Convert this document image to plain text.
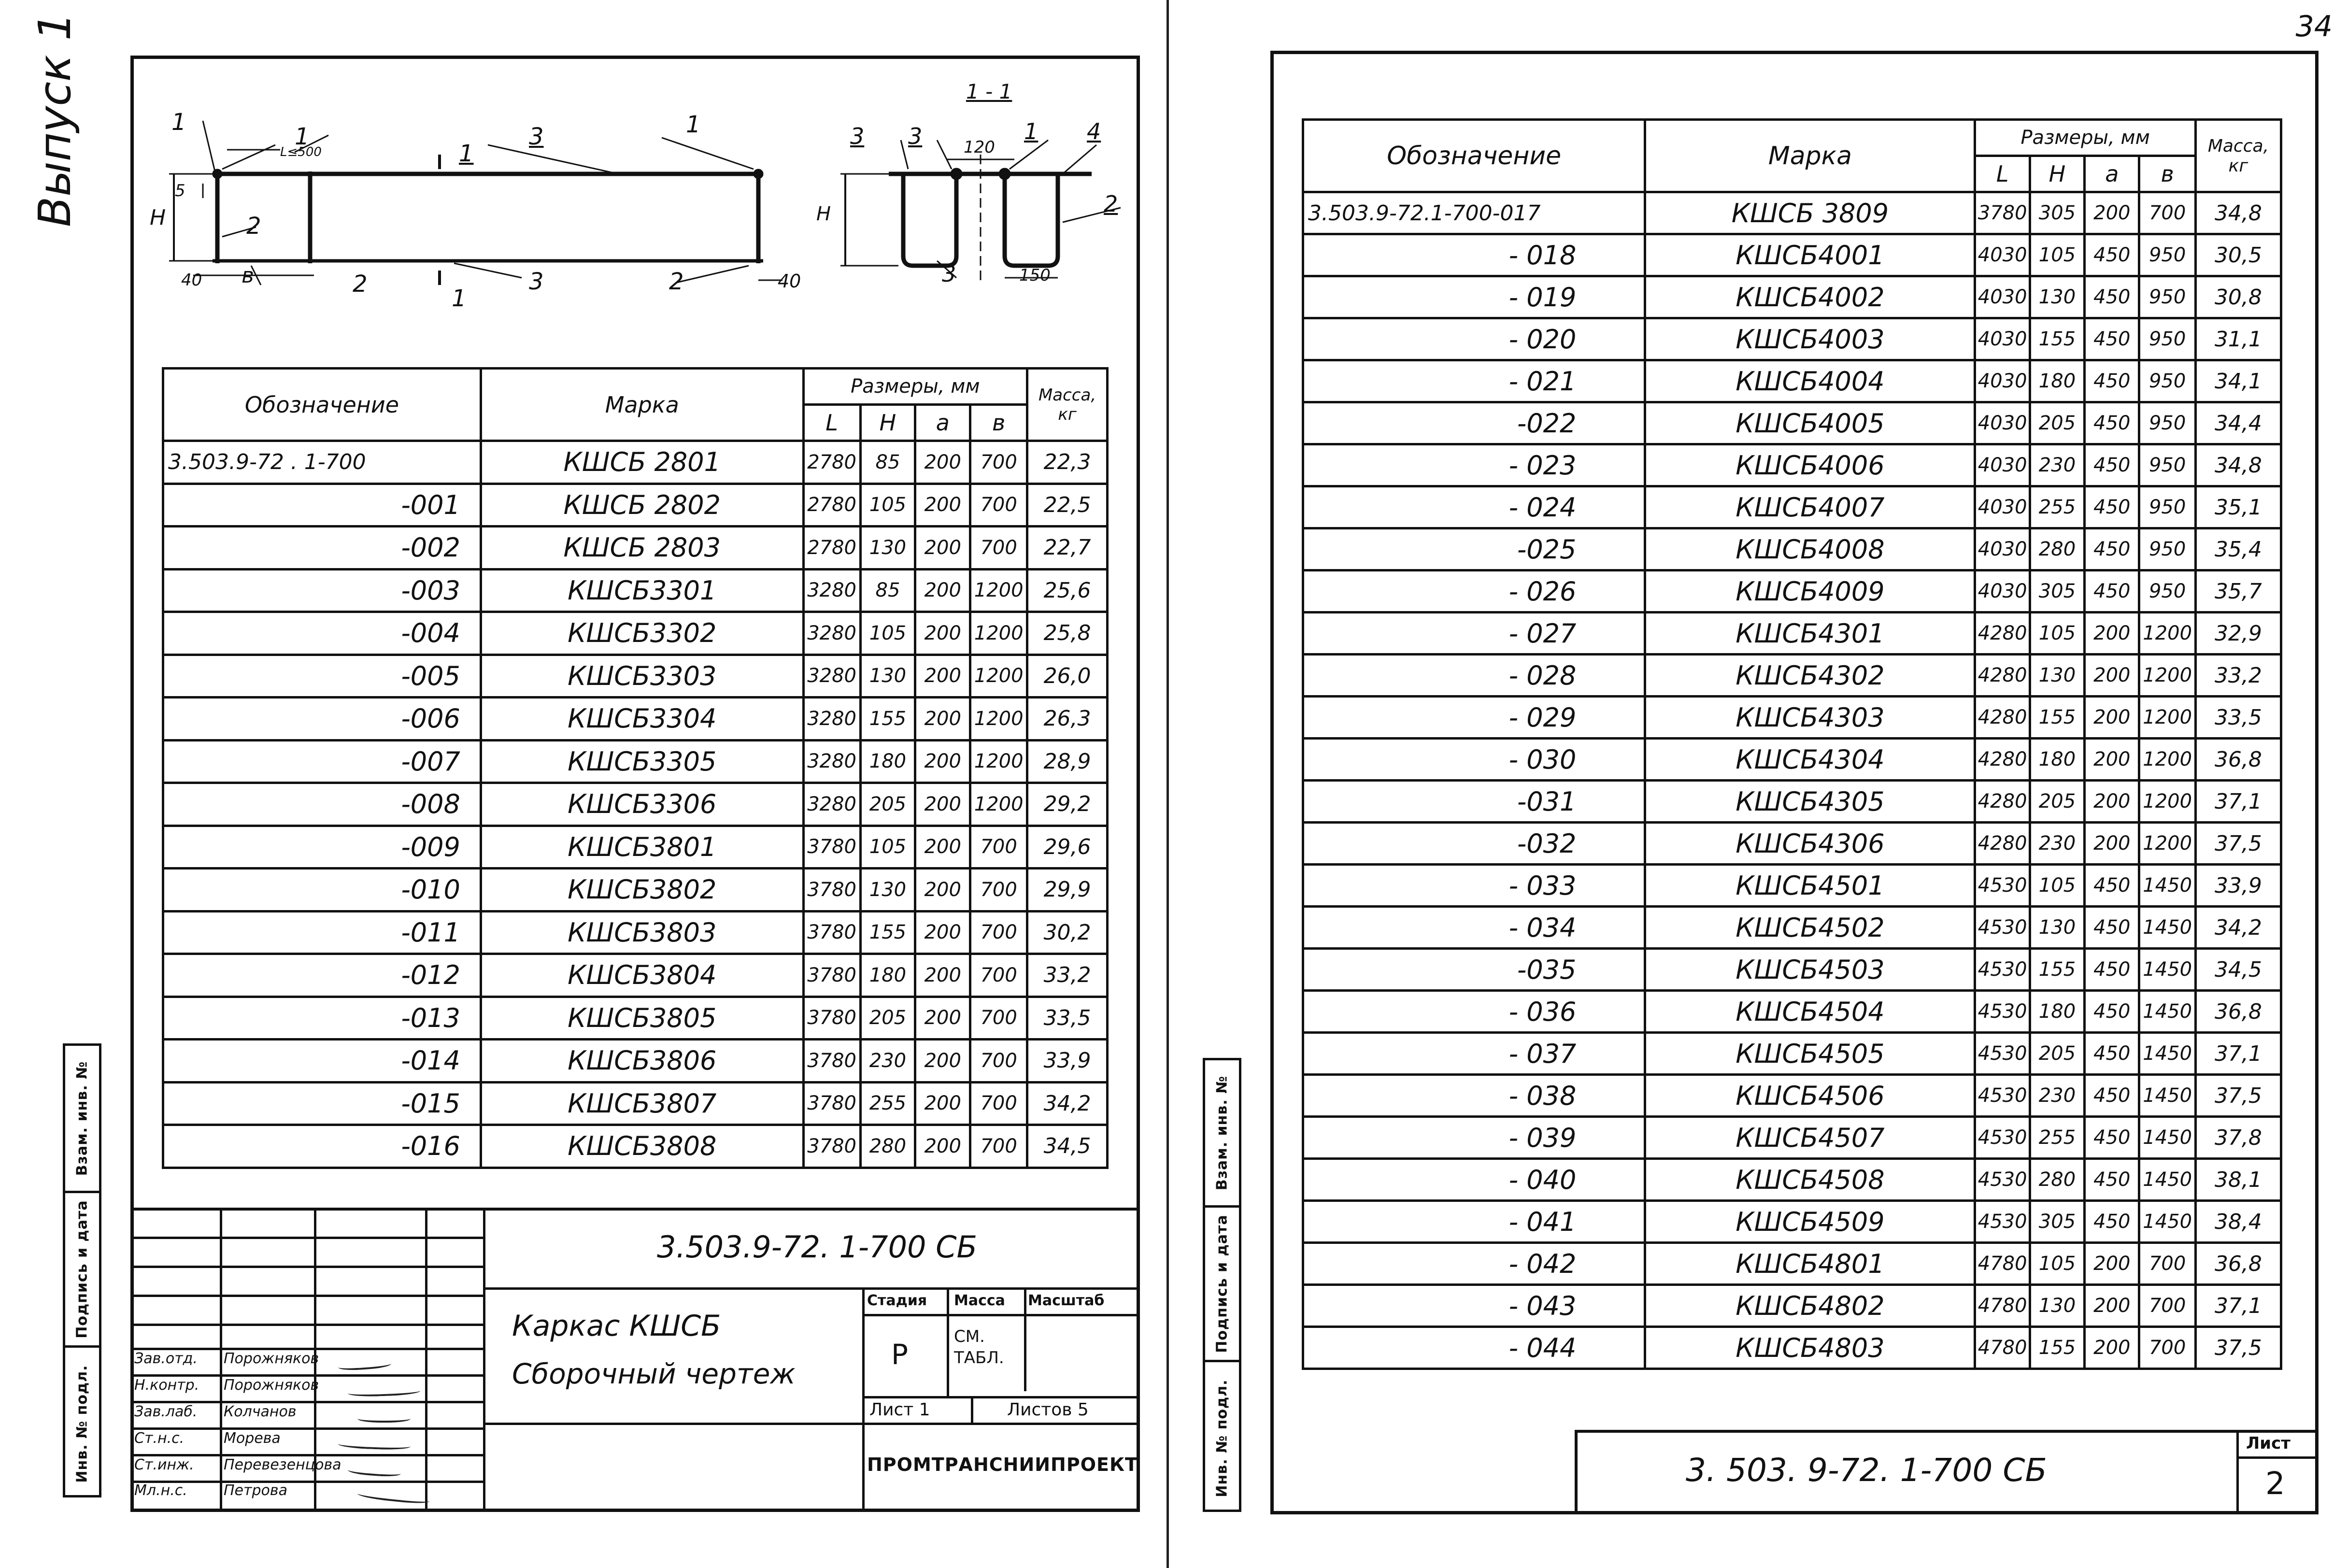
34
Выпуск 1	1 - 1
1
1	3	1
1
2
2	3	2
1
3 3	1 4
2
3
H
5
40 в	40
120
150
H
L≤500
Обозначение	Марка	Размеры, мм				Масса, кг
		L	H	a	в	
3.503.9-72 . 1-700	КШСБ 2801	2780	85	200	700	22,3
-001	КШСБ 2802	2780	105	200	700	22,5
-002	КШСБ 2803	2780	130	200	700	22,7
-003	КШСБ3301	3280	85	200	1200	25,6
-004	КШСБ3302	3280	105	200	1200	25,8
-005	КШСБ3303	3280	130	200	1200	26,0
-006	КШСБ3304	3280	155	200	1200	26,3
-007	КШСБ3305	3280	180	200	1200	28,9
-008	КШСБ3306	3280	205	200	1200	29,2
-009	КШСБ3801	3780	105	200	700	29,6
-010	КШСБ3802	3780	130	200	700	29,9
-011	КШСБ3803	3780	155	200	700	30,2
-012	КШСБ3804	3780	180	200	700	33,2
-013	КШСБ3805	3780	205	200	700	33,5
-014	КШСБ3806	3780	230	200	700	33,9
-015	КШСБ3807	3780	255	200	700	34,2
-016	КШСБ3808	3780	280	200	700	34,5
Взам. инв. №
Подпись и дата
Инв. № подл.
3.503.9-72. 1-700 СБ
Каркас КШСБ
Сборочный чертеж
Стадия Масса Масштаб
Р
СМ. ТАБЛ.
Лист 1	Листов 5
ПРОМТРАНСНИИПРОЕКТ
Зав.отд. Порожняков
Н.контр. Порожняков
Зав.лаб. Колчанов
Ст.н.с.	Морева
Ст.инж. Перевезенцова
Мл.н.с.	Петрова
Обозначение	Марка	Размеры, мм				Масса, кг
		L	H	a	в	
3.503.9-72.1-700-017	КШСБ 3809	3780	305	200	700	34,8
- 018	КШСБ4001	4030	105	450	950	30,5
- 019	КШСБ4002	4030	130	450	950	30,8
- 020	КШСБ4003	4030	155	450	950	31,1
- 021	КШСБ4004	4030	180	450	950	34,1
-022	КШСБ4005	4030	205	450	950	34,4
- 023	КШСБ4006	4030	230	450	950	34,8
- 024	КШСБ4007	4030	255	450	950	35,1
-025	КШСБ4008	4030	280	450	950	35,4
- 026	КШСБ4009	4030	305	450	950	35,7
- 027	КШСБ4301	4280	105	200	1200	32,9
- 028	КШСБ4302	4280	130	200	1200	33,2
- 029	КШСБ4303	4280	155	200	1200	33,5
- 030	КШСБ4304	4280	180	200	1200	36,8
-031	КШСБ4305	4280	205	200	1200	37,1
-032	КШСБ4306	4280	230	200	1200	37,5
- 033	КШСБ4501	4530	105	450	1450	33,9
- 034	КШСБ4502	4530	130	450	1450	34,2
-035	КШСБ4503	4530	155	450	1450	34,5
- 036	КШСБ4504	4530	180	450	1450	36,8
- 037	КШСБ4505	4530	205	450	1450	37,1
- 038	КШСБ4506	4530	230	450	1450	37,5
- 039	КШСБ4507	4530	255	450	1450	37,8
- 040	КШСБ4508	4530	280	450	1450	38,1
- 041	КШСБ4509	4530	305	450	1450	38,4
- 042	КШСБ4801	4780	105	200	700	36,8
- 043	КШСБ4802	4780	130	200	700	37,1
- 044	КШСБ4803	4780	155	200	700	37,5
Взам. инв. №
Подпись и дата
Инв. № подл.	3. 503. 9-72. 1-700 СБ
Лист
2
